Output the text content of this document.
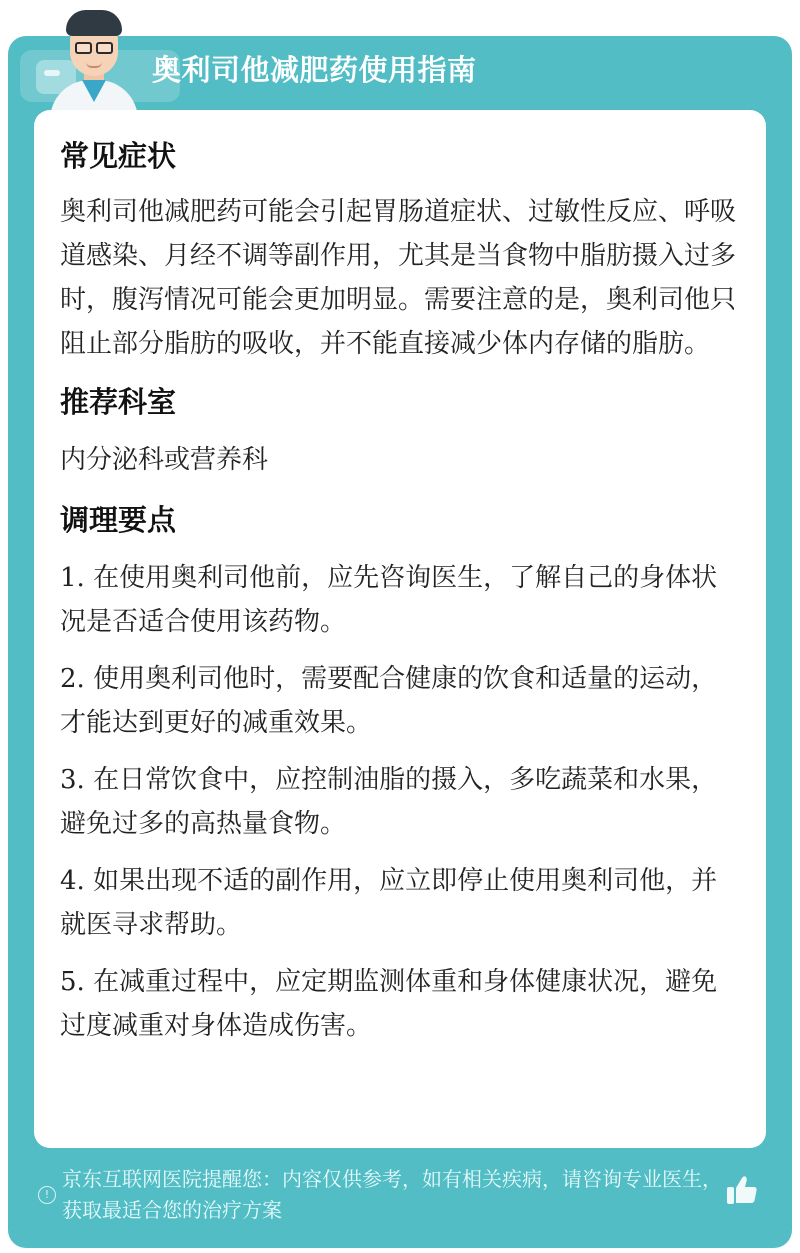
奥利司他减肥药使用指南
常见症状
奥利司他减肥药可能会引起胃肠道症状、过敏性反应、呼吸道感染、月经不调等副作用，尤其是当食物中脂肪摄入过多时，腹泻情况可能会更加明显。需要注意的是，奥利司他只阻止部分脂肪的吸收，并不能直接减少体内存储的脂肪。
推荐科室
内分泌科或营养科
调理要点
1. 在使用奥利司他前，应先咨询医生，了解自己的身体状况是否适合使用该药物。
2. 使用奥利司他时，需要配合健康的饮食和适量的运动，才能达到更好的减重效果。
3. 在日常饮食中，应控制油脂的摄入，多吃蔬菜和水果，避免过多的高热量食物。
4. 如果出现不适的副作用，应立即停止使用奥利司他，并就医寻求帮助。
5. 在减重过程中，应定期监测体重和身体健康状况，避免过度减重对身体造成伤害。
!
京东互联网医院提醒您：内容仅供参考，如有相关疾病，请咨询专业医生，获取最适合您的治疗方案
